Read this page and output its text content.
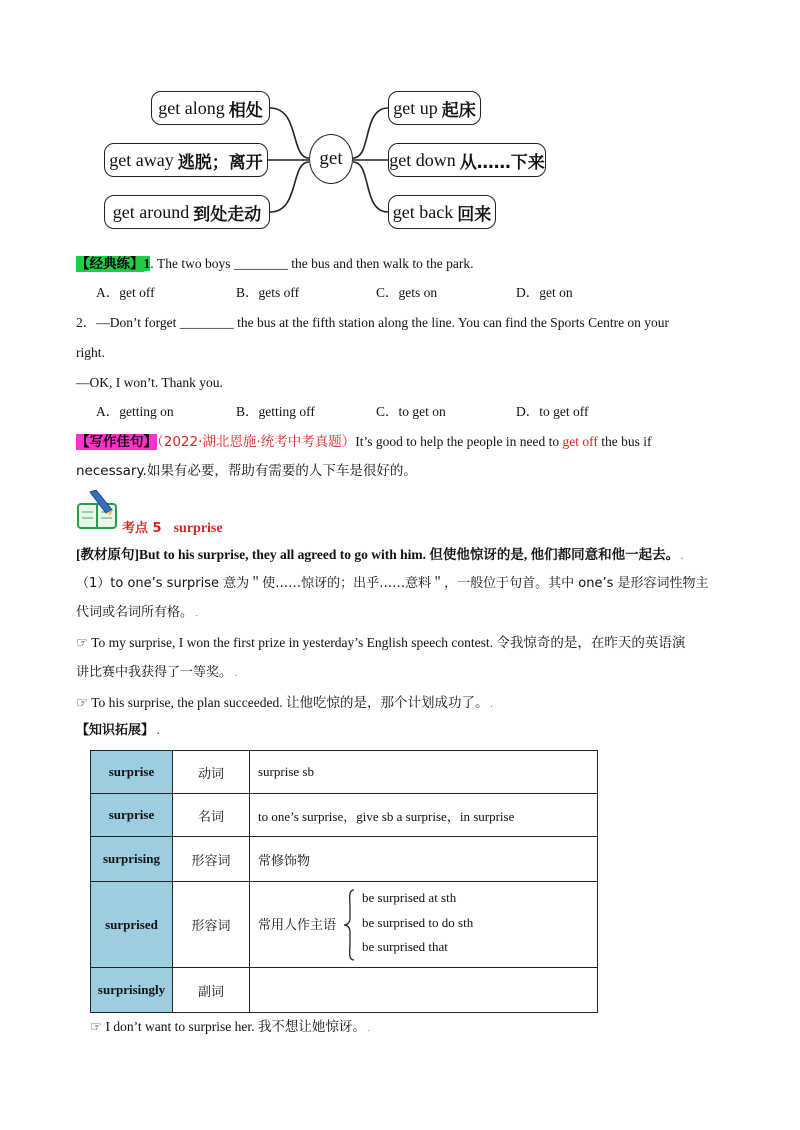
get along 相处
get away 逃脱；离开
get around 到处走动
get
get up 起床
get down 从……下来
get back 回来
【经典练】1. The two boys ________ the bus and then walk to the park.
A．get off	B．gets off	C．gets on	D．get on
2．—Don’t forget ________ the bus at the fifth station along the line. You can find the Sports Centre on your
right.
—OK, I won’t. Thank you.
A．getting on	B．getting off	C．to get on	D．to get off
【写作佳句】（2022·湖北恩施·统考中考真题）It’s good to help the people in need to get off the bus if
necessary.如果有必要，帮助有需要的人下车是很好的。
考点 5 surprise
[教材原句]But to his surprise, they all agreed to go with him. 但使他惊讶的是, 他们都同意和他一起去。 .
（1）to one’s surprise 意为＂使……惊讶的；出乎……意料＂，一般位于句首。其中 one’s 是形容词性物主
代词或名词所有格。 .
☞ To my surprise, I won the first prize in yesterday’s English speech contest. 令我惊奇的是，在昨天的英语演
讲比赛中我获得了一等奖。 .
☞ To his surprise, the plan succeeded. 让他吃惊的是，那个计划成功了。 .
【知识拓展】 .
surprise	动词	surprise sb
surprise	名词	to one’s surprise，give sb a surprise，in surprise
surprising	形容词	常修饰物
surprised	形容词	常用人作主语
be surprised at sth
be surprised to do sth
be surprised that

surprisingly	副词	
☞ I don’t want to surprise her. 我不想让她惊讶。 .
